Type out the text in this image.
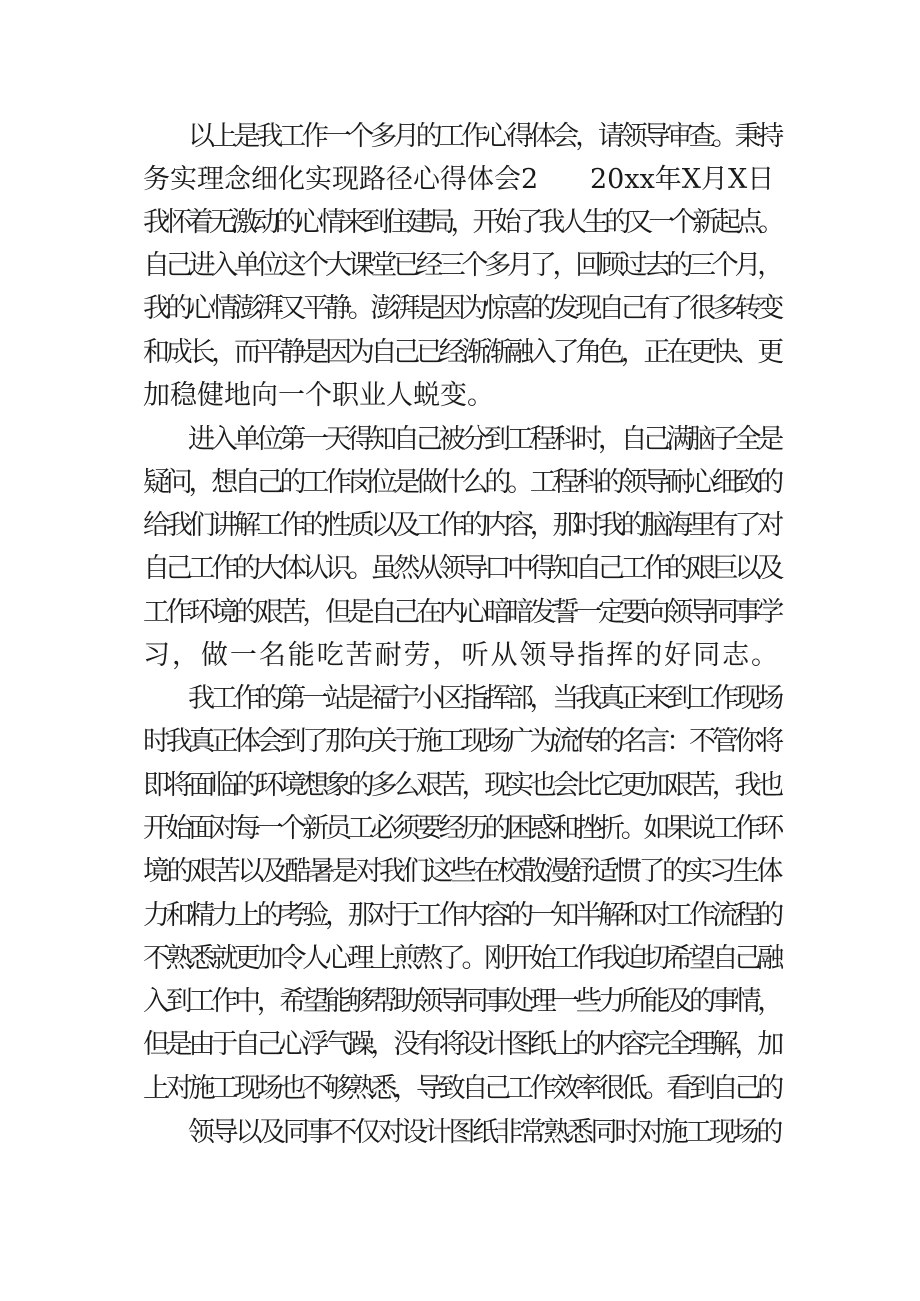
以上是我工作一个多月的工作心得体会，请领导审查。秉持
务实理念细化实现路径心得体会2 20xx年X月X日
我怀着无激动的心情来到住建局，开始了我人生的又一个新起点。
自己进入单位这个大课堂已经三个多月了，回顾过去的三个月，
我的心情澎湃又平静。澎湃是因为惊喜的发现自己有了很多转变
和成长，而平静是因为自己已经渐渐融入了角色，正在更快、更
加稳健地向一个职业人蜕变。
进入单位第一天得知自己被分到工程科时，自己满脑子全是
疑问，想自己的工作岗位是做什么的。工程科的领导耐心细致的
给我们讲解工作的性质以及工作的内容，那时我的脑海里有了对
自己工作的大体认识。虽然从领导口中得知自己工作的艰巨以及
工作环境的艰苦，但是自己在内心暗暗发誓一定要向领导同事学
习，做一名能吃苦耐劳，听从领导指挥的好同志。
我工作的第一站是福宁小区指挥部，当我真正来到工作现场
时我真正体会到了那句关于施工现场广为流传的名言：不管你将
即将面临的环境想象的多么艰苦，现实也会比它更加艰苦，我也
开始面对每一个新员工必须要经历的困惑和挫折。如果说工作环
境的艰苦以及酷暑是对我们这些在校散漫舒适惯了的实习生体
力和精力上的考验，那对于工作内容的一知半解和对工作流程的
不熟悉就更加令人心理上煎熬了。刚开始工作我迫切希望自己融
入到工作中，希望能够帮助领导同事处理一些力所能及的事情，
但是由于自己心浮气躁，没有将设计图纸上的内容完全理解，加
上对施工现场也不够熟悉，导致自己工作效率很低。看到自己的
领导以及同事不仅对设计图纸非常熟悉同时对施工现场的
